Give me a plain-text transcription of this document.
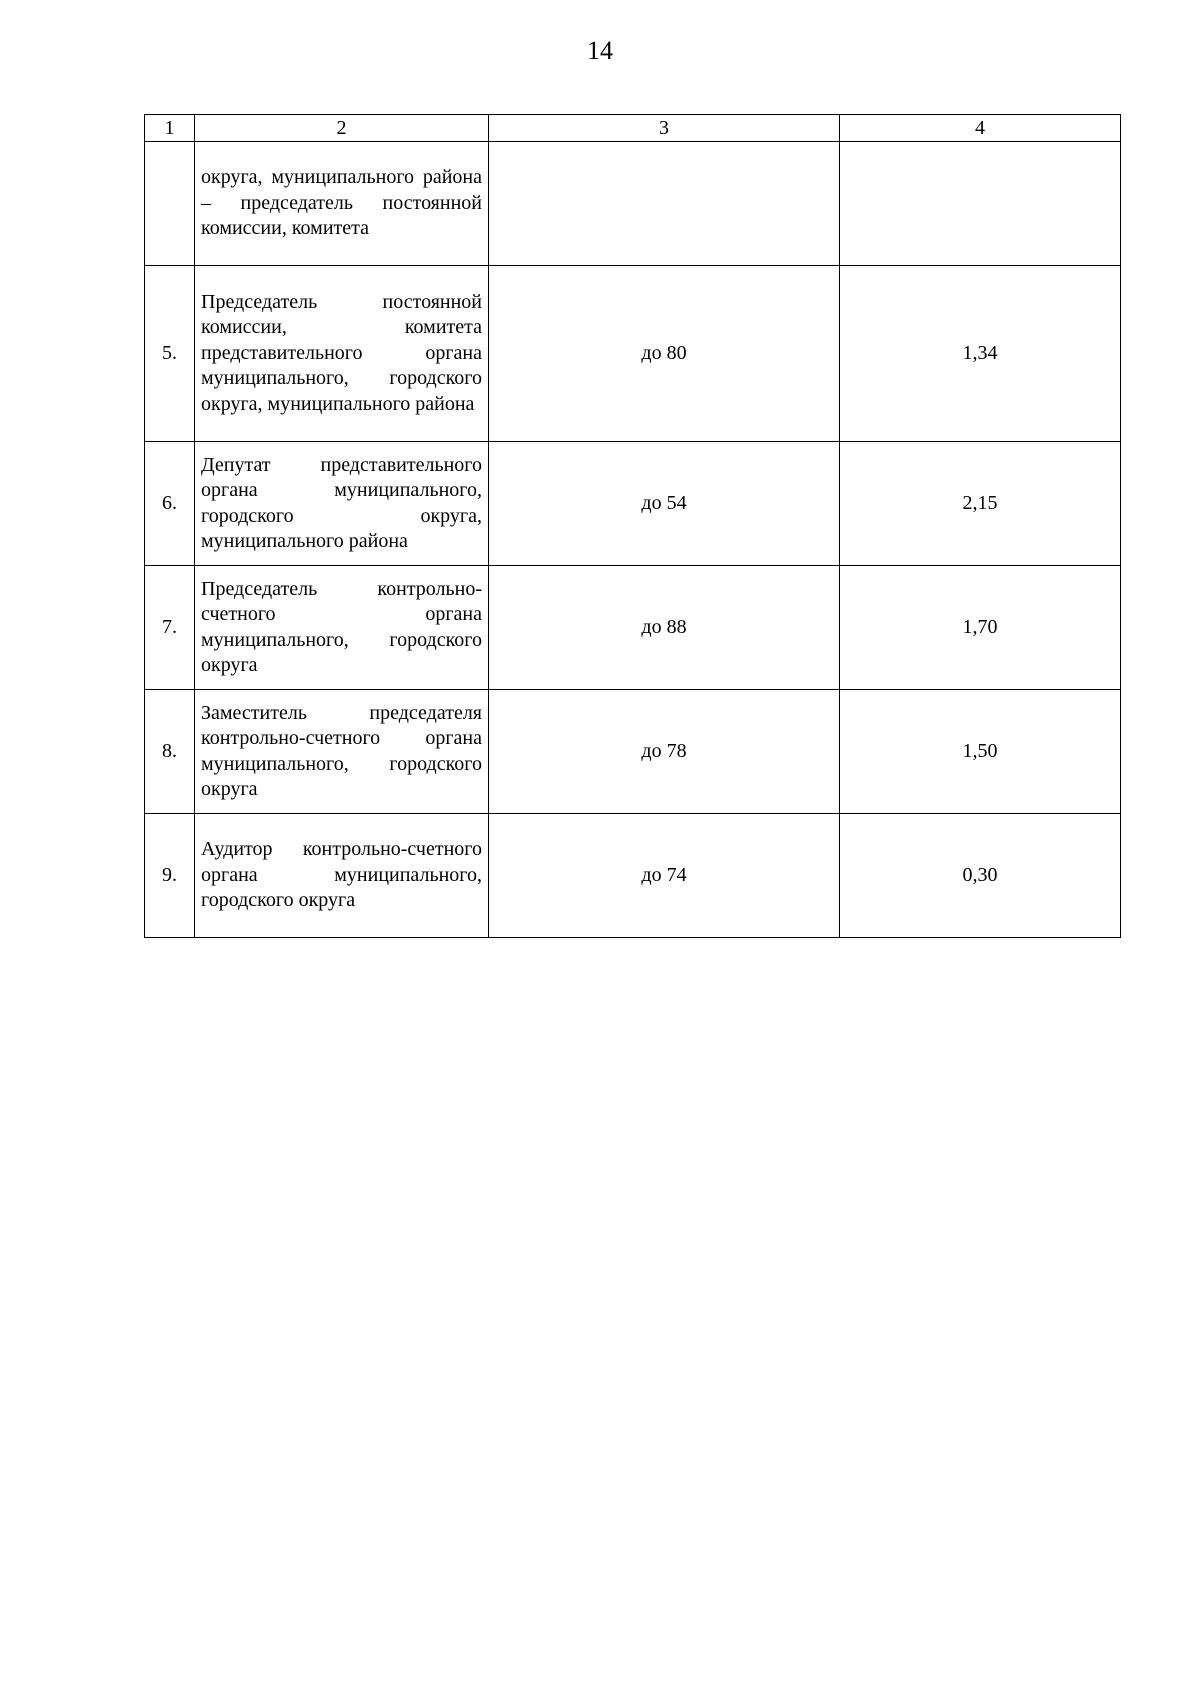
14
1	2	3	4

	округа, муниципального района – председатель постоянной комиссии, комитета		

5.	Председатель постоянной комиссии, комитета представительного органа муниципального, городского округа, муниципального района	до 80	1,34
6.	Депутат представительного органа муниципального, городского округа, муниципального района	до 54	2,15
7.	Председатель контрольно-счетного органа муниципального, городского округа	до 88	1,70
8.	Заместитель председателя контрольно-счетного органа муниципального, городского округа	до 78	1,50
9.	Аудитор контрольно-счетного органа муниципального, городского округа	до 74	0,30
